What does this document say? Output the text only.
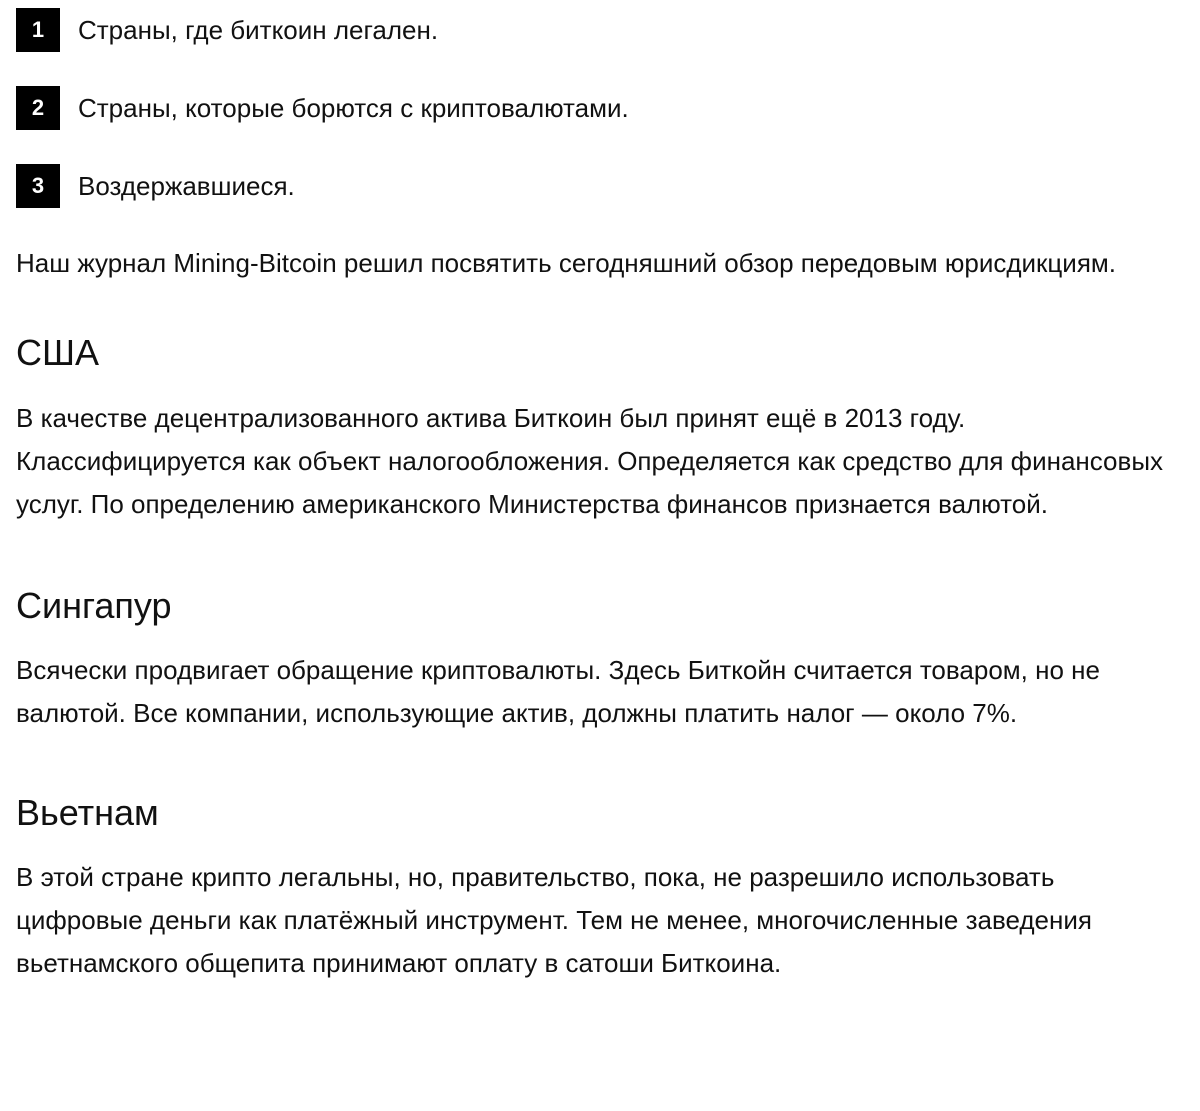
1	Страны, где биткоин легален.
2	Страны, которые борются с криптовалютами.
3	Воздержавшиеся.

Наш журнал Mining-Bitcoin решил посвятить сегодняшний обзор передовым юрисдикциям.

США

В качестве децентрализованного актива Биткоин был принят ещё в 2013 году. Классифицируется как объект налогообложения. Определяется как средство для финансовых услуг. По определению американского Министерства финансов признается валютой.

Сингапур

Всячески продвигает обращение криптовалюты. Здесь Биткойн считается товаром, но не валютой. Все компании, использующие актив, должны платить налог — около 7%.

Вьетнам

В этой стране крипто легальны, но, правительство, пока, не разрешило использовать цифровые деньги как платёжный инструмент. Тем не менее, многочисленные заведения вьетнамского общепита принимают оплату в сатоши Биткоина.
